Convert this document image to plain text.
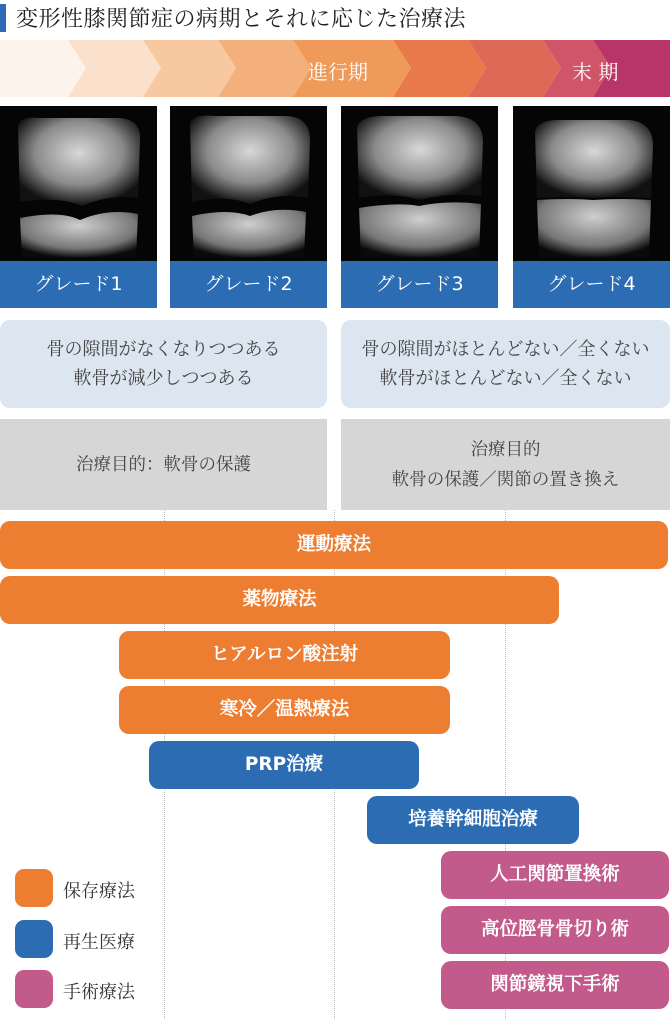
変形性膝関節症の病期とそれに応じた治療法
進行期	末 期
グレード1	グレード2	グレード3	グレード4
骨の隙間がなくなりつつある
軟骨が減少しつつある
骨の隙間がほとんどない／全くない
軟骨がほとんどない／全くない
治療目的：軟骨の保護
治療目的
軟骨の保護／関節の置き換え
運動療法
薬物療法
ヒアルロン酸注射
寒冷／温熱療法
PRP治療
培養幹細胞治療
人工関節置換術
高位脛骨骨切り術
関節鏡視下手術
保存療法
再生医療
手術療法
